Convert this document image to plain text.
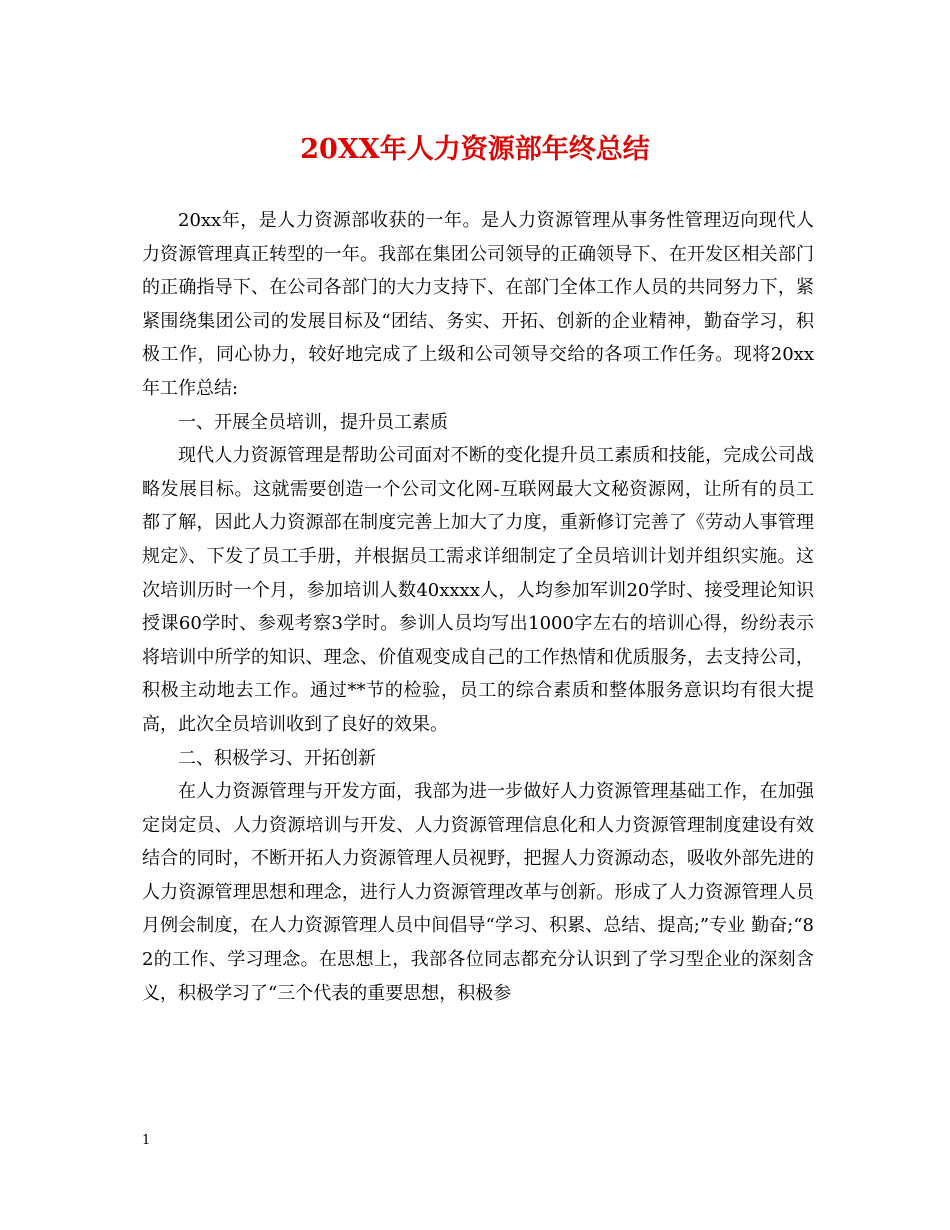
20XX年人力资源部年终总结

20xx年，是人力资源部收获的一年。是人力资源管理从事务性管理迈向现代人力资源管理真正转型的一年。我部在集团公司领导的正确领导下、在开发区相关部门的正确指导下、在公司各部门的大力支持下、在部门全体工作人员的共同努力下，紧紧围绕集团公司的发展目标及“团结、务实、开拓、创新的企业精神，勤奋学习，积极工作，同心协力，较好地完成了上级和公司领导交给的各项工作任务。现将20xx年工作总结:

一、开展全员培训，提升员工素质

现代人力资源管理是帮助公司面对不断的变化提升员工素质和技能，完成公司战略发展目标。这就需要创造一个公司文化网-互联网最大文秘资源网，让所有的员工都了解，因此人力资源部在制度完善上加大了力度，重新修订完善了《劳动人事管理规定》、下发了员工手册，并根据员工需求详细制定了全员培训计划并组织实施。这次培训历时一个月，参加培训人数40xxxx人，人均参加军训20学时、接受理论知识授课60学时、参观考察3学时。参训人员均写出1000字左右的培训心得，纷纷表示将培训中所学的知识、理念、价值观变成自己的工作热情和优质服务，去支持公司，积极主动地去工作。通过**节的检验，员工的综合素质和整体服务意识均有很大提高，此次全员培训收到了良好的效果。

二、积极学习、开拓创新

在人力资源管理与开发方面，我部为进一步做好人力资源管理基础工作，在加强定岗定员、人力资源培训与开发、人力资源管理信息化和人力资源管理制度建设有效结合的同时，不断开拓人力资源管理人员视野，把握人力资源动态，吸收外部先进的人力资源管理思想和理念，进行人力资源管理改革与创新。形成了人力资源管理人员月例会制度，在人力资源管理人员中间倡导“学习、积累、总结、提高;”专业 勤奋;“8 2的工作、学习理念。在思想上，我部各位同志都充分认识到了学习型企业的深刻含义，积极学习了“三个代表的重要思想，积极参

1
